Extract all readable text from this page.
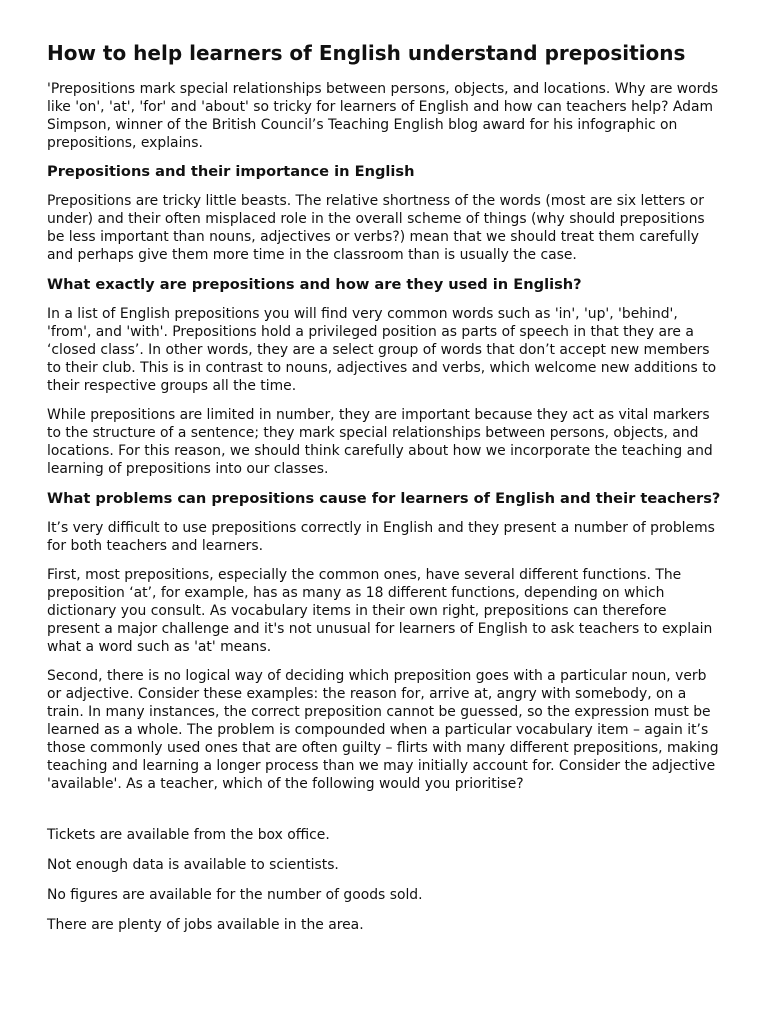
How to help learners of English understand prepositions

'Prepositions mark special relationships between persons, objects, and locations. Why are words like 'on', 'at', 'for' and 'about' so tricky for learners of English and how can teachers help? Adam Simpson, winner of the British Council’s Teaching English blog award for his infographic on prepositions, explains.

Prepositions and their importance in English

Prepositions are tricky little beasts. The relative shortness of the words (most are six letters or under) and their often misplaced role in the overall scheme of things (why should prepositions be less important than nouns, adjectives or verbs?) mean that we should treat them carefully and perhaps give them more time in the classroom than is usually the case.

What exactly are prepositions and how are they used in English?

In a list of English prepositions you will find very common words such as 'in', 'up', 'behind', 'from', and 'with'. Prepositions hold a privileged position as parts of speech in that they are a ‘closed class’. In other words, they are a select group of words that don’t accept new members to their club. This is in contrast to nouns, adjectives and verbs, which welcome new additions to their respective groups all the time.

While prepositions are limited in number, they are important because they act as vital markers to the structure of a sentence; they mark special relationships between persons, objects, and locations. For this reason, we should think carefully about how we incorporate the teaching and learning of prepositions into our classes.

What problems can prepositions cause for learners of English and their teachers?

It’s very difficult to use prepositions correctly in English and they present a number of problems for both teachers and learners.

First, most prepositions, especially the common ones, have several different functions. The preposition ‘at’, for example, has as many as 18 different functions, depending on which dictionary you consult. As vocabulary items in their own right, prepositions can therefore present a major challenge and it's not unusual for learners of English to ask teachers to explain what a word such as 'at' means.

Second, there is no logical way of deciding which preposition goes with a particular noun, verb or adjective. Consider these examples: the reason for, arrive at, angry with somebody, on a train. In many instances, the correct preposition cannot be guessed, so the expression must be learned as a whole. The problem is compounded when a particular vocabulary item – again it’s those commonly used ones that are often guilty – flirts with many different prepositions, making teaching and learning a longer process than we may initially account for. Consider the adjective 'available'. As a teacher, which of the following would you prioritise?

Tickets are available from the box office.

Not enough data is available to scientists.

No figures are available for the number of goods sold.

There are plenty of jobs available in the area.
